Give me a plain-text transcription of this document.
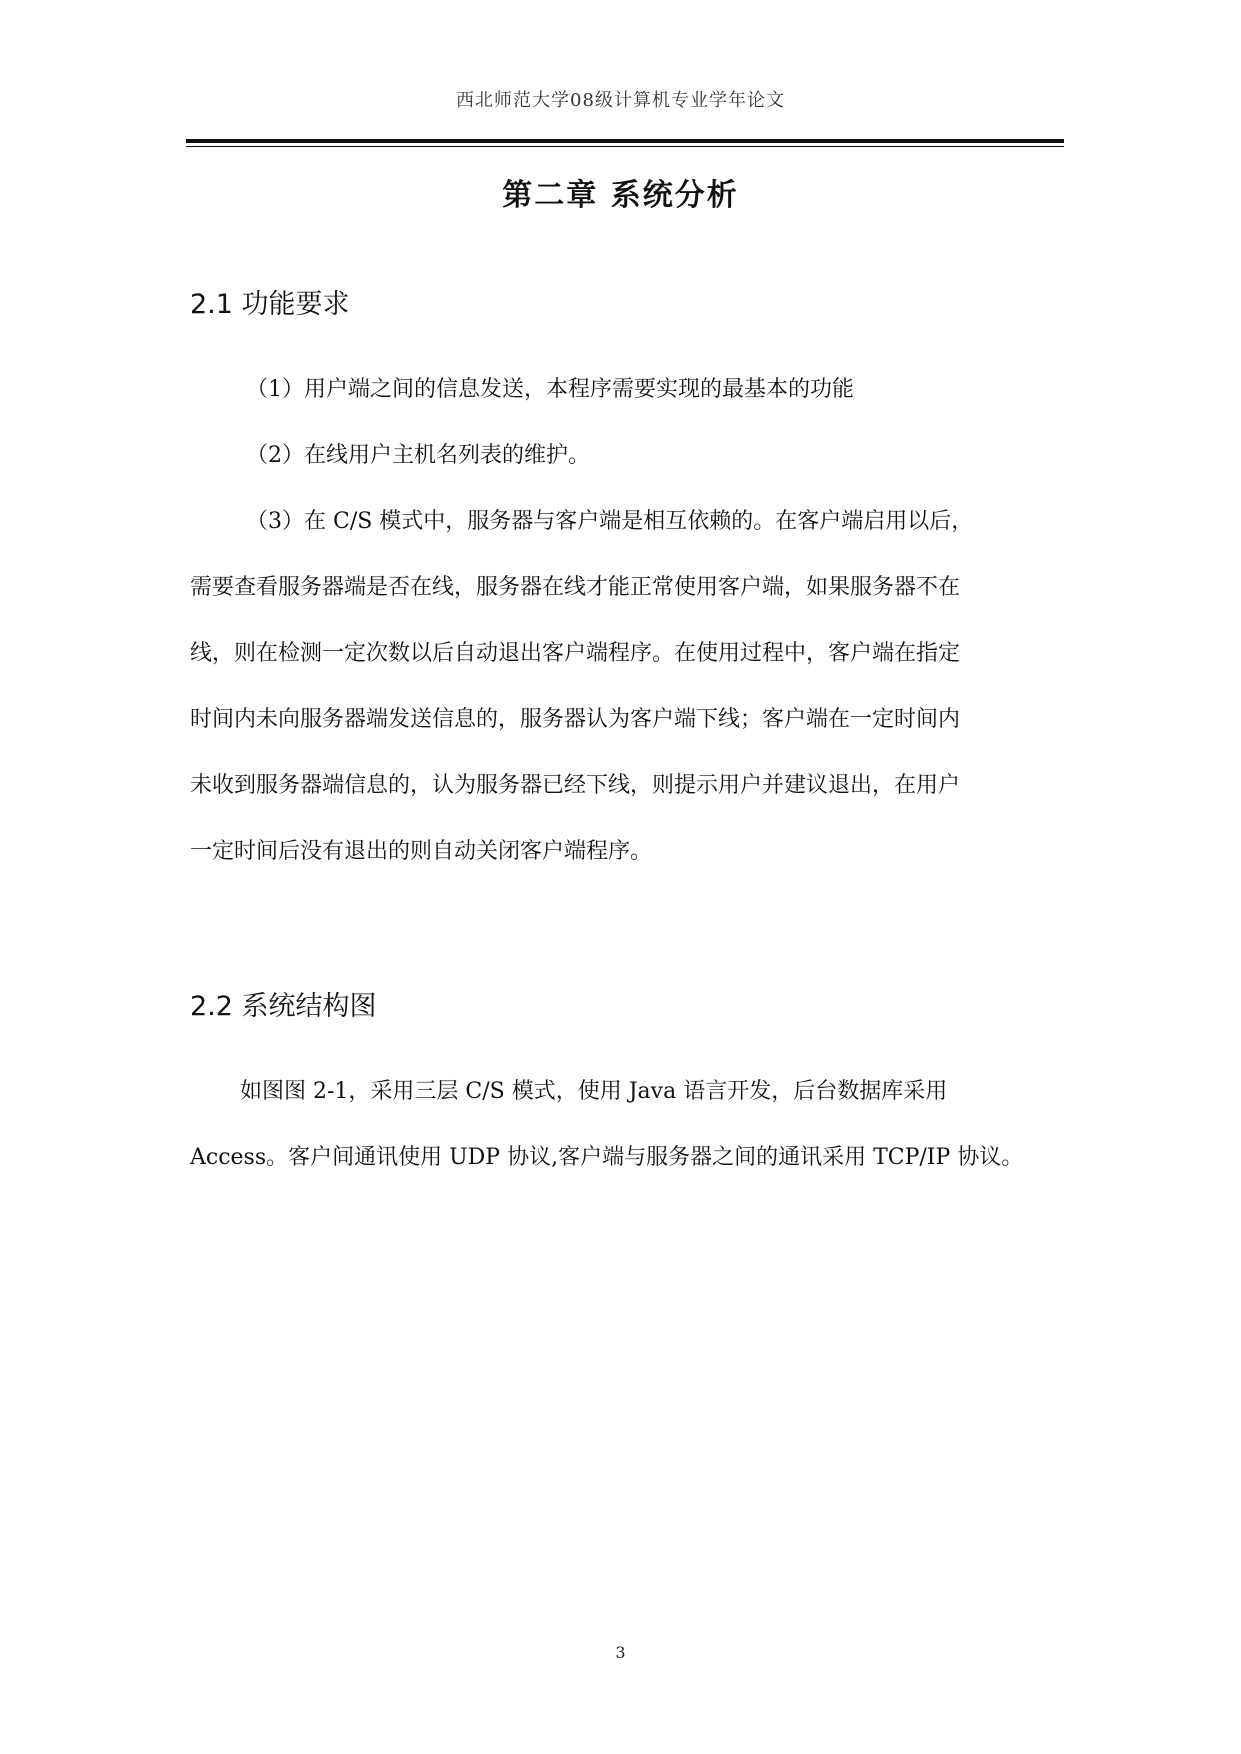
西北师范大学08级计算机专业学年论文
第二章 系统分析
2.1 功能要求
（1）用户端之间的信息发送，本程序需要实现的最基本的功能
（2）在线用户主机名列表的维护。
（3）在 C/S 模式中，服务器与客户端是相互依赖的。在客户端启用以后，
需要查看服务器端是否在线，服务器在线才能正常使用客户端，如果服务器不在
线，则在检测一定次数以后自动退出客户端程序。在使用过程中，客户端在指定
时间内未向服务器端发送信息的，服务器认为客户端下线；客户端在一定时间内
未收到服务器端信息的，认为服务器已经下线，则提示用户并建议退出，在用户
一定时间后没有退出的则自动关闭客户端程序。
2.2 系统结构图
如图图 2-1，采用三层 C/S 模式，使用 Java 语言开发，后台数据库采用
Access。客户间通讯使用 UDP 协议,客户端与服务器之间的通讯采用 TCP/IP 协议。
3
